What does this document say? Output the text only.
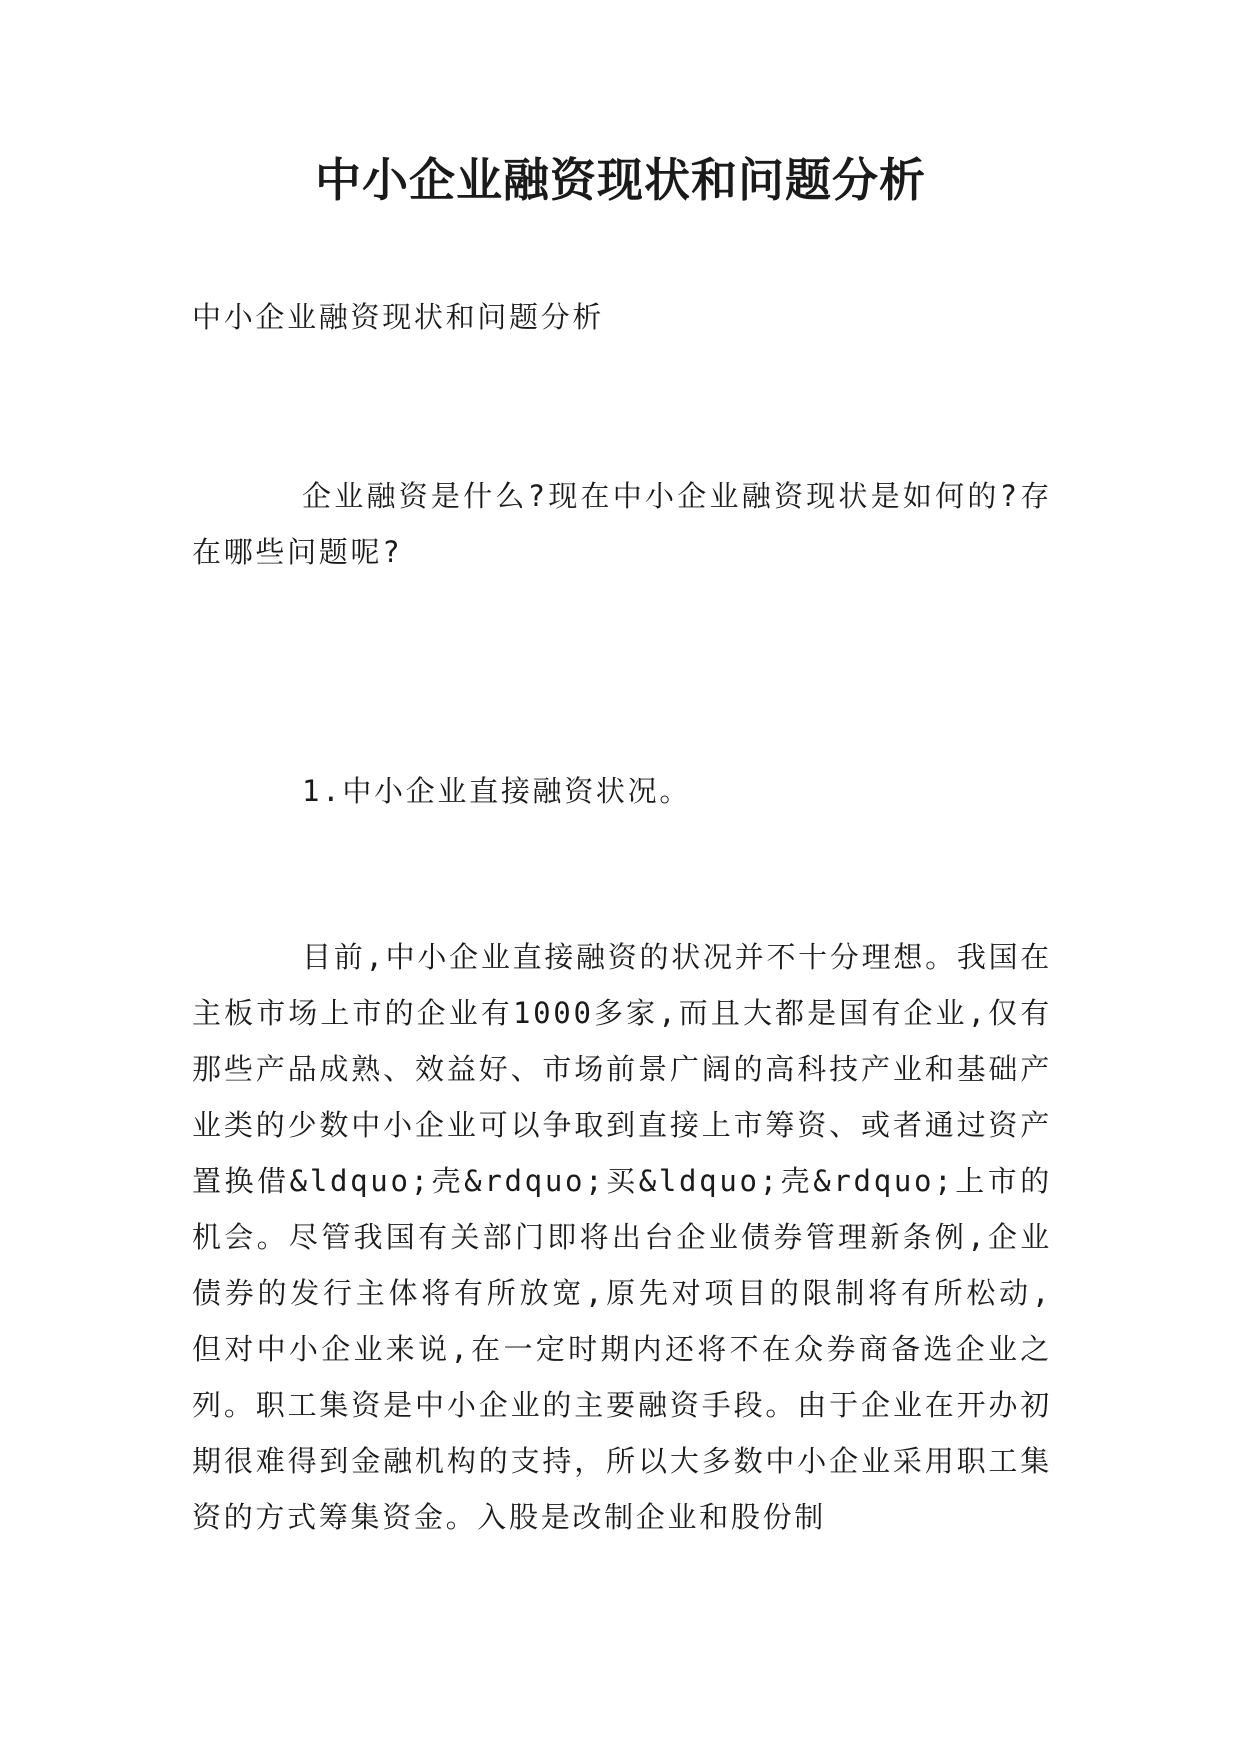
中小企业融资现状和问题分析

中小企业融资现状和问题分析

企业融资是什么?现在中小企业融资现状是如何的?存在哪些问题呢?

1.中小企业直接融资状况。

目前,中小企业直接融资的状况并不十分理想。我国在主板市场上市的企业有1000多家,而且大都是国有企业,仅有那些产品成熟、效益好、市场前景广阔的高科技产业和基础产业类的少数中小企业可以争取到直接上市筹资、或者通过资产置换借&ldquo;壳&rdquo;买&ldquo;壳&rdquo;上市的机会。尽管我国有关部门即将出台企业债券管理新条例,企业债券的发行主体将有所放宽,原先对项目的限制将有所松动,但对中小企业来说,在一定时期内还将不在众券商备选企业之列。职工集资是中小企业的主要融资手段。由于企业在开办初期很难得到金融机构的支持，所以大多数中小企业采用职工集资的方式筹集资金。入股是改制企业和股份制
